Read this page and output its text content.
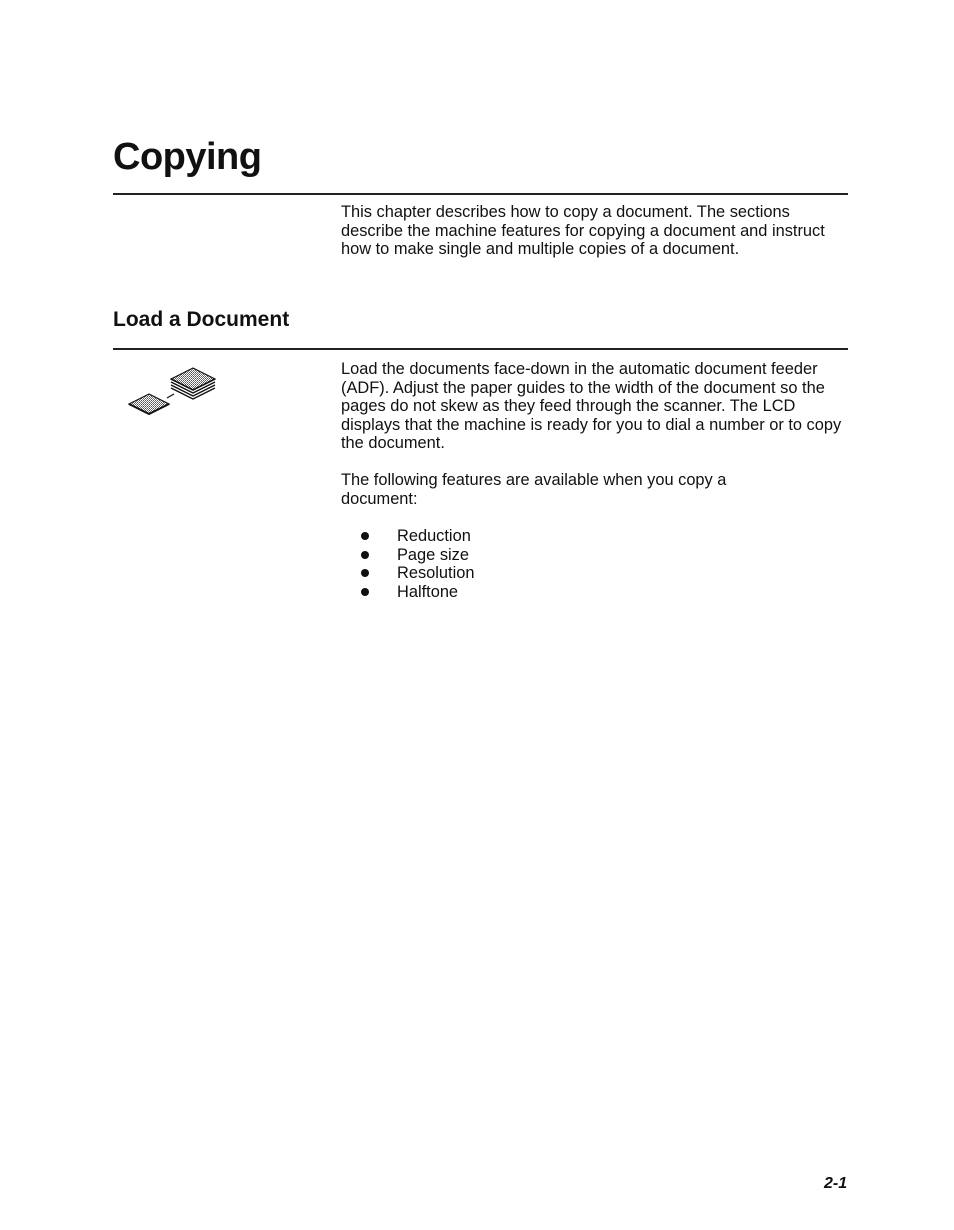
Copying

This chapter describes how to copy a document. The sections describe the machine features for copying a document and instruct how to make single and multiple copies of a document.

Load a Document

Load the documents face-down in the automatic document feeder (ADF). Adjust the paper guides to the width of the document so the pages do not skew as they feed through the scanner. The LCD displays that the machine is ready for you to dial a number or to copy the document.

The following features are available when you copy a document:

Reduction
Page size
Resolution
Halftone

2-1
